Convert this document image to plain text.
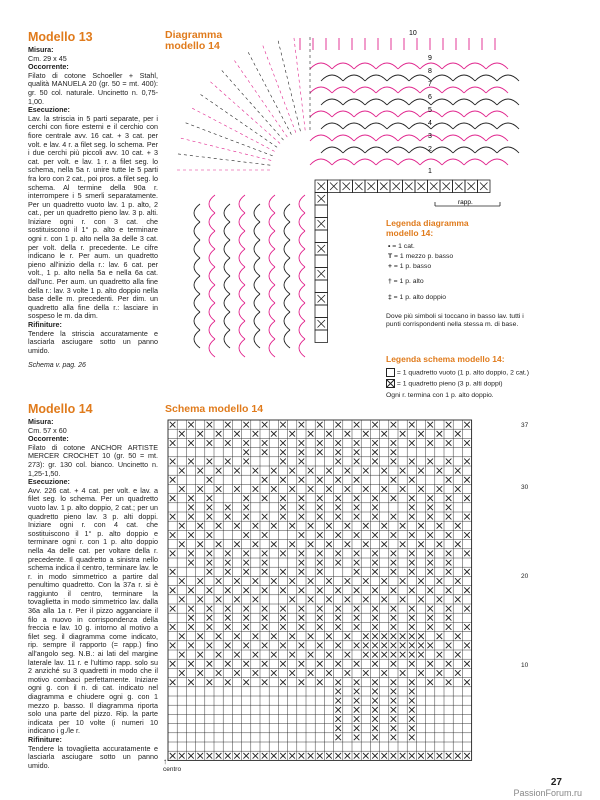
Modello 13
Misura:
Cm. 29 x 45
Occorrente:
Filato di cotone Schoeller + Stahl, qualità MANUELA 20 (gr. 50 = mt. 400): gr. 50 col. naturale. Uncinetto n. 0,75-1,00.
Esecuzione:
Lav. la striscia in 5 parti separate, per i cerchi con fiore esterni e il cerchio con fiore centrale avv. 16 cat. + 3 cat. per volt. e lav. 4 r. a filet seg. lo schema. Per i due cerchi più piccoli avv. 10 cat. + 3 cat. per volt. e lav. 1 r. a filet seg. lo schema, nella 5a r. unire tutte le 5 parti fra loro con 2 cat., poi pros. a filet seg. lo schema. Al termine della 90a r. interrompere i 5 smerli separatamente. Per un quadretto vuoto lav. 1 p. alto, 2 cat., per un quadretto pieno lav. 3 p. alti. Iniziare ogni r. con 3 cat. che sostituiscono il 1° p. alto e terminare ogni r. con 1 p. alto nella 3a delle 3 cat. per volt. della r. precedente. Le cifre indicano le r. Per aum. un quadretto pieno all'inizio della r.: lav. 6 cat. per volt., 1 p. alto nella 5a e nella 6a cat. dall'unc. Per aum. un quadretto alla fine della r.: lav. 3 volte 1 p. alto doppio nella base delle m. precedenti. Per dim. un quadretto alla fine della r.: lasciare in sospeso le m. da dim.
Rifiniture:
Tendere la striscia accuratamente e lasciarla asciugare sotto un panno umido.
Schema v. pag. 26
Diagramma
modello 14
10
9
8
7
6
5
4
3
2
1
rapp.
Legenda diagramma
modello 14:
• = 1 cat.
T = 1 mezzo p. basso
+ = 1 p. basso
† = 1 p. alto
‡ = 1 p. alto doppio
Dove più simboli si toccano in basso lav. tutti i punti corrispondenti nella stessa m. di base.
Legenda schema modello 14:
= 1 quadretto vuoto (1 p. alto doppio, 2 cat.)
= 1 quadretto pieno (3 p. alti doppi)
Ogni r. termina con 1 p. alto doppio.
Modello 14
Misura:
Cm. 57 x 60
Occorrente:
Filato di cotone ANCHOR ARTISTE MERCER CROCHET 10 (gr. 50 = mt. 273): gr. 130 col. bianco. Uncinetto n. 1,25-1,50.
Esecuzione:
Avv. 226 cat. + 4 cat. per volt. e lav. a filet seg. lo schema. Per un quadretto vuoto lav. 1 p. alto doppio, 2 cat.; per un quadretto pieno lav. 3 p. alti doppi. Iniziare ogni r. con 4 cat. che sostituiscono il 1° p. alto doppio e terminare ogni r. con 1 p. alto doppio nella 4a delle cat. per voltare della r. precedente. Il quadretto a sinistra nello schema indica il centro, terminare lav. le r. in modo simmetrico a partire dal penultimo quadretto. Con la 37a r. si è raggiunto il centro, terminare la tovaglietta in modo simmetrico lav. dalla 36a alla 1a r. Per il pizzo agganciare il filo a nuovo in corrispondenza della freccia e lav. 10 g. intorno al motivo a filet seg. il diagramma come indicato, rip. sempre il rapporto (= rapp.) fino all'angolo seg. N.B.: ai lati del margine laterale lav. 11 r. e l'ultimo rapp. solo su 2 anziché su 3 quadretti in modo che il motivo combaci perfettamente. Iniziare ogni g. con il n. di cat. indicato nel diagramma e chiudere ogni g. con 1 mezzo p. basso. Il diagramma riporta solo una parte del pizzo. Rip. la parte indicata per 10 volte (i numeri 10 indicano i g./le r.
Rifiniture:
Tendere la tovaglietta accuratamente e lasciarla asciugare sotto un panno umido.
Schema modello 14
37
30
20
10
↑
centro
27
PassionForum.ru
